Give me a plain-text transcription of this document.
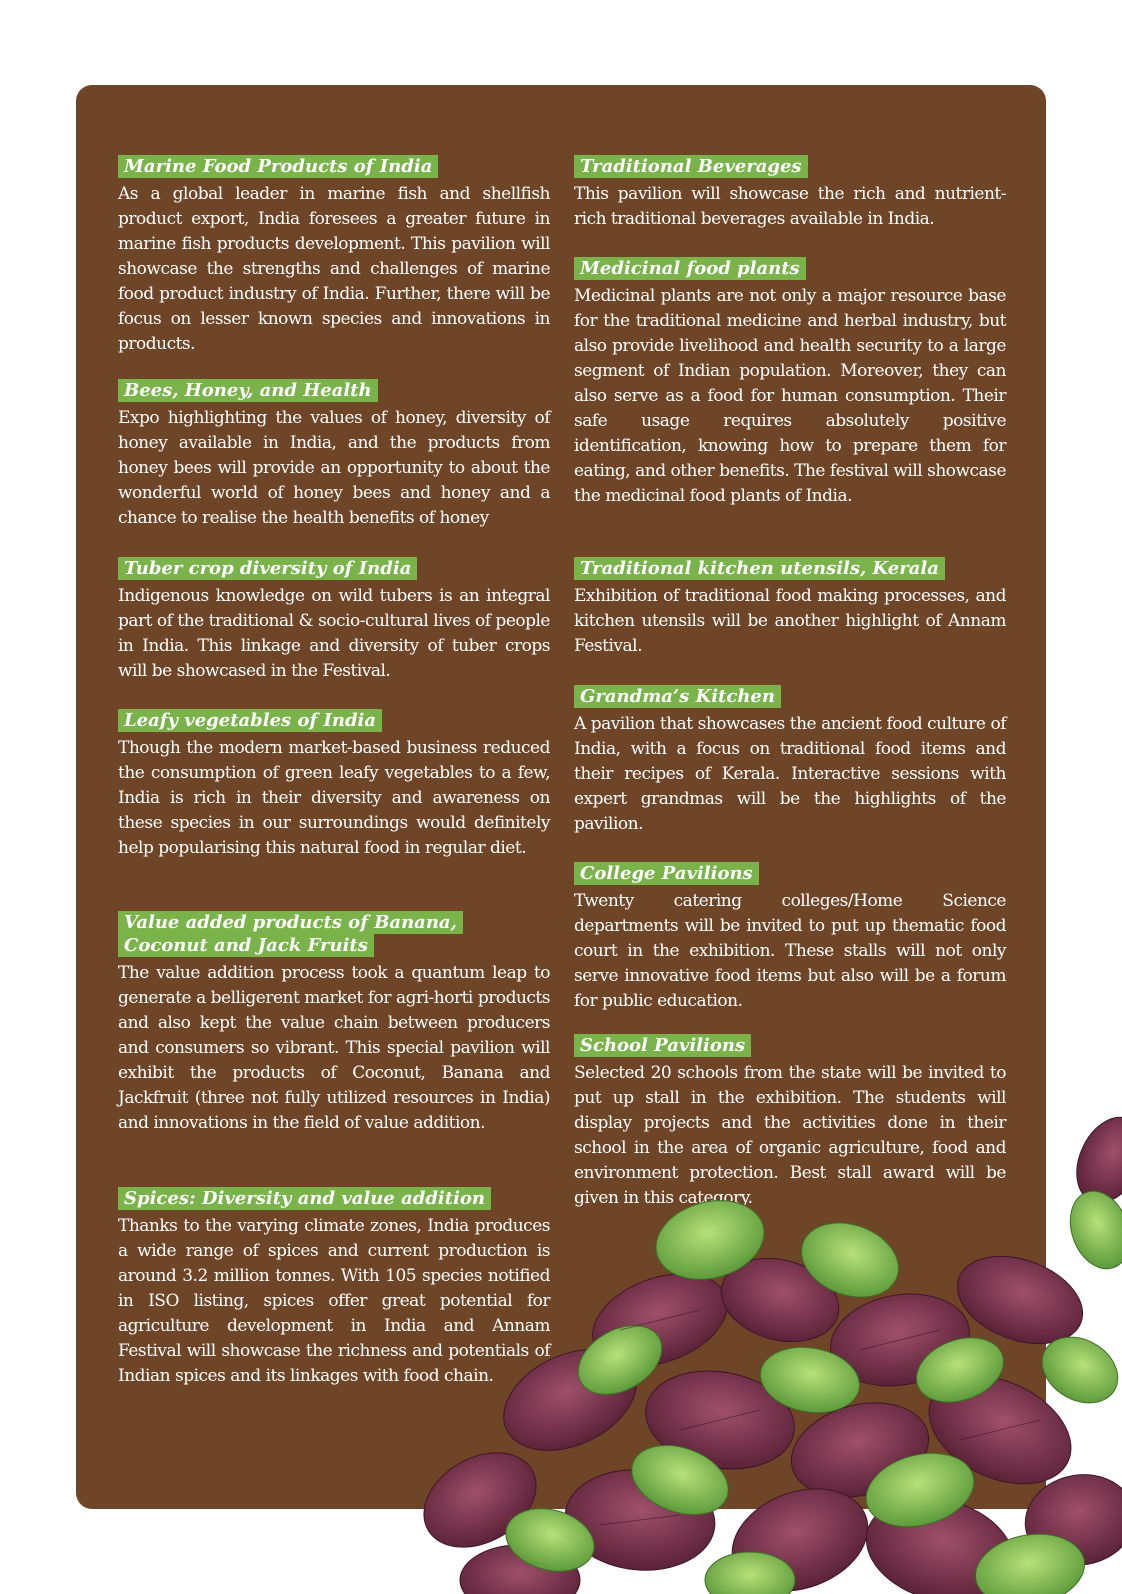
Marine Food Products of India

As a global leader in marine fish and shellfish product export, India foresees a greater future in marine fish products development. This pavilion will showcase the strengths and challenges of marine food product industry of India. Further, there will be focus on lesser known species and innovations in products.

Bees, Honey, and Health

Expo highlighting the values of honey, diversity of honey available in India, and the products from honey bees will provide an opportunity to about the wonderful world of honey bees and honey and a chance to realise the health benefits of honey

Tuber crop diversity of India

Indigenous knowledge on wild tubers is an integral part of the traditional & socio-cultural lives of people in India. This linkage and diversity of tuber crops will be showcased in the Festival.

Leafy vegetables of India

Though the modern market-based business reduced the consumption of green leafy vegetables to a few, India is rich in their diversity and awareness on these species in our surroundings would definitely help popularising this natural food in regular diet.

Value added products of Banana,
Coconut and Jack Fruits

The value addition process took a quantum leap to generate a belligerent market for agri-horti products and also kept the value chain between producers and consumers so vibrant. This special pavilion will exhibit the products of Coconut, Banana and Jackfruit (three not fully utilized resources in India) and innovations in the field of value addition.

Spices: Diversity and value addition

Thanks to the varying climate zones, India produces a wide range of spices and current production is around 3.2 million tonnes. With 105 species notified in ISO listing, spices offer great potential for agriculture development in India and Annam Festival will showcase the richness and potentials of Indian spices and its linkages with food chain.

Traditional Beverages

This pavilion will showcase the rich and nutrient-rich traditional beverages available in India.

Medicinal food plants

Medicinal plants are not only a major resource base for the traditional medicine and herbal industry, but also provide livelihood and health security to a large segment of Indian population. Moreover, they can also serve as a food for human consumption. Their safe usage requires absolutely positive identification, knowing how to prepare them for eating, and other benefits. The festival will showcase the medicinal food plants of India.

Traditional kitchen utensils, Kerala

Exhibition of traditional food making processes, and kitchen utensils will be another highlight of Annam Festival.

Grandma’s Kitchen

A pavilion that showcases the ancient food culture of India, with a focus on traditional food items and their recipes of Kerala. Interactive sessions with expert grandmas will be the highlights of the pavilion.

College Pavilions

Twenty catering colleges/Home Science departments will be invited to put up thematic food court in the exhibition. These stalls will not only serve innovative food items but also will be a forum for public education.

School Pavilions

Selected 20 schools from the state will be invited to put up stall in the exhibition. The students will display projects and the activities done in their school in the area of organic agriculture, food and environment protection. Best stall award will be given in this category.
